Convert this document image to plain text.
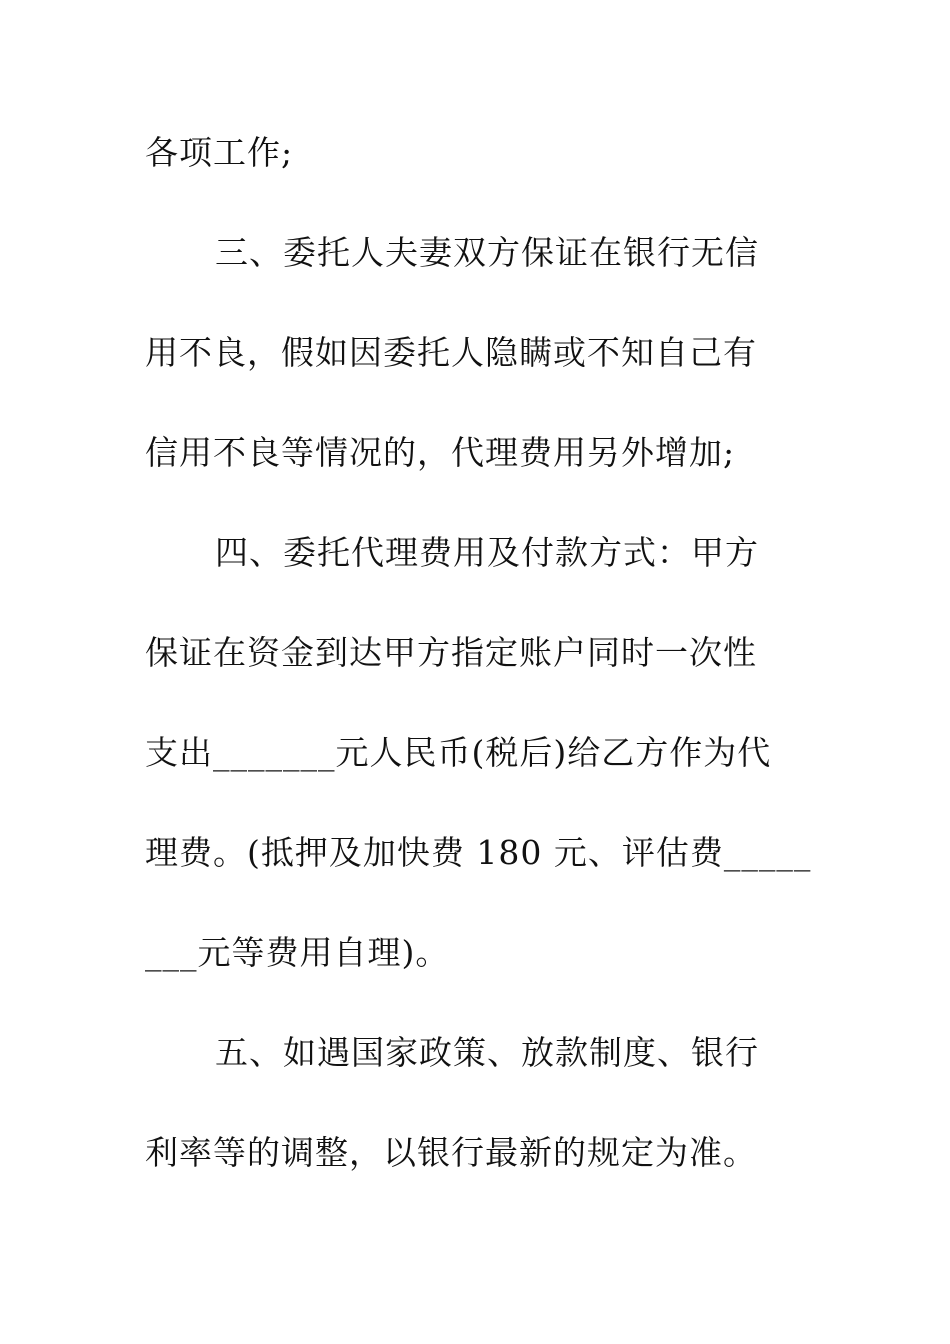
各项工作;
三、委托人夫妻双方保证在银行无信
用不良，假如因委托人隐瞒或不知自己有
信用不良等情况的，代理费用另外增加;
四、委托代理费用及付款方式：甲方
保证在资金到达甲方指定账户同时一次性
支出_______元人民币(税后)给乙方作为代
理费。(抵押及加快费 180 元、评估费_____
___元等费用自理)。
五、如遇国家政策、放款制度、银行
利率等的调整，以银行最新的规定为准。
